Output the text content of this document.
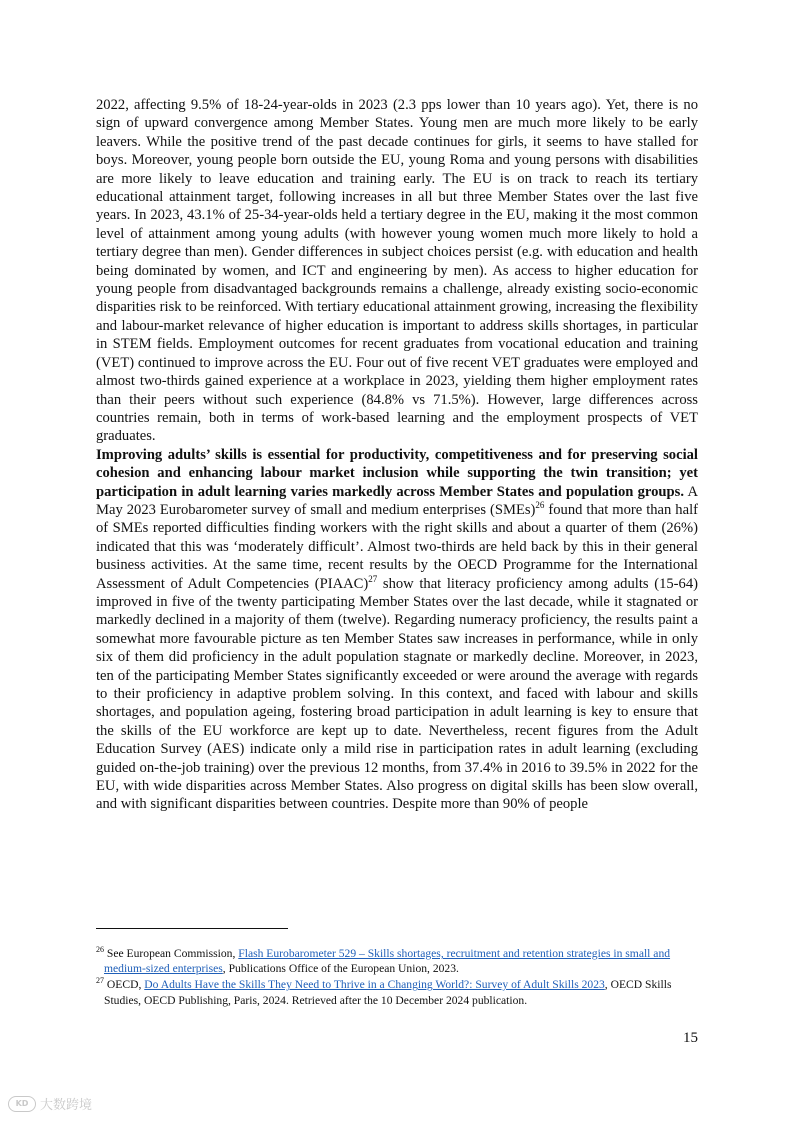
2022, affecting 9.5% of 18-24-year-olds in 2023 (2.3 pps lower than 10 years ago). Yet, there is no sign of upward convergence among Member States. Young men are much more likely to be early leavers. While the positive trend of the past decade continues for girls, it seems to have stalled for boys. Moreover, young people born outside the EU, young Roma and young persons with disabilities are more likely to leave education and training early. The EU is on track to reach its tertiary educational attainment target, following increases in all but three Member States over the last five years. In 2023, 43.1% of 25-34-year-olds held a tertiary degree in the EU, making it the most common level of attainment among young adults (with however young women much more likely to hold a tertiary degree than men). Gender differences in subject choices persist (e.g. with education and health being dominated by women, and ICT and engineering by men). As access to higher education for young people from disadvantaged backgrounds remains a challenge, already existing socio-economic disparities risk to be reinforced. With tertiary educational attainment growing, increasing the flexibility and labour-market relevance of higher education is important to address skills shortages, in particular in STEM fields. Employment outcomes for recent graduates from vocational education and training (VET) continued to improve across the EU. Four out of five recent VET graduates were employed and almost two-thirds gained experience at a workplace in 2023, yielding them higher employment rates than their peers without such experience (84.8% vs 71.5%). However, large differences across countries remain, both in terms of work-based learning and the employment prospects of VET graduates.

Improving adults’ skills is essential for productivity, competitiveness and for preserving social cohesion and enhancing labour market inclusion while supporting the twin transition; yet participation in adult learning varies markedly across Member States and population groups. A May 2023 Eurobarometer survey of small and medium enterprises (SMEs)$^{26}$ found that more than half of SMEs reported difficulties finding workers with the right skills and about a quarter of them (26%) indicated that this was ‘moderately difficult’. Almost two-thirds are held back by this in their general business activities. At the same time, recent results by the OECD Programme for the International Assessment of Adult Competencies (PIAAC)$^{27}$ show that literacy proficiency among adults (15-64) improved in five of the twenty participating Member States over the last decade, while it stagnated or markedly declined in a majority of them (twelve). Regarding numeracy proficiency, the results paint a somewhat more favourable picture as ten Member States saw increases in performance, while in only six of them did proficiency in the adult population stagnate or markedly decline. Moreover, in 2023, ten of the participating Member States significantly exceeded or were around the average with regards to their proficiency in adaptive problem solving. In this context, and faced with labour and skills shortages, and population ageing, fostering broad participation in adult learning is key to ensure that the skills of the EU workforce are kept up to date. Nevertheless, recent figures from the Adult Education Survey (AES) indicate only a mild rise in participation rates in adult learning (excluding guided on-the-job training) over the previous 12 months, from 37.4% in 2016 to 39.5% in 2022 for the EU, with wide disparities across Member States. Also progress on digital skills has been slow overall, and with significant disparities between countries. Despite more than 90% of people

$^{26}$ See European Commission, Flash Eurobarometer 529 – Skills shortages, recruitment and retention strategies in small and medium-sized enterprises, Publications Office of the European Union, 2023.

$^{27}$ OECD, Do Adults Have the Skills They Need to Thrive in a Changing World?: Survey of Adult Skills 2023, OECD Skills Studies, OECD Publishing, Paris, 2024. Retrieved after the 10 December 2024 publication.

15
KD 大数跨境
